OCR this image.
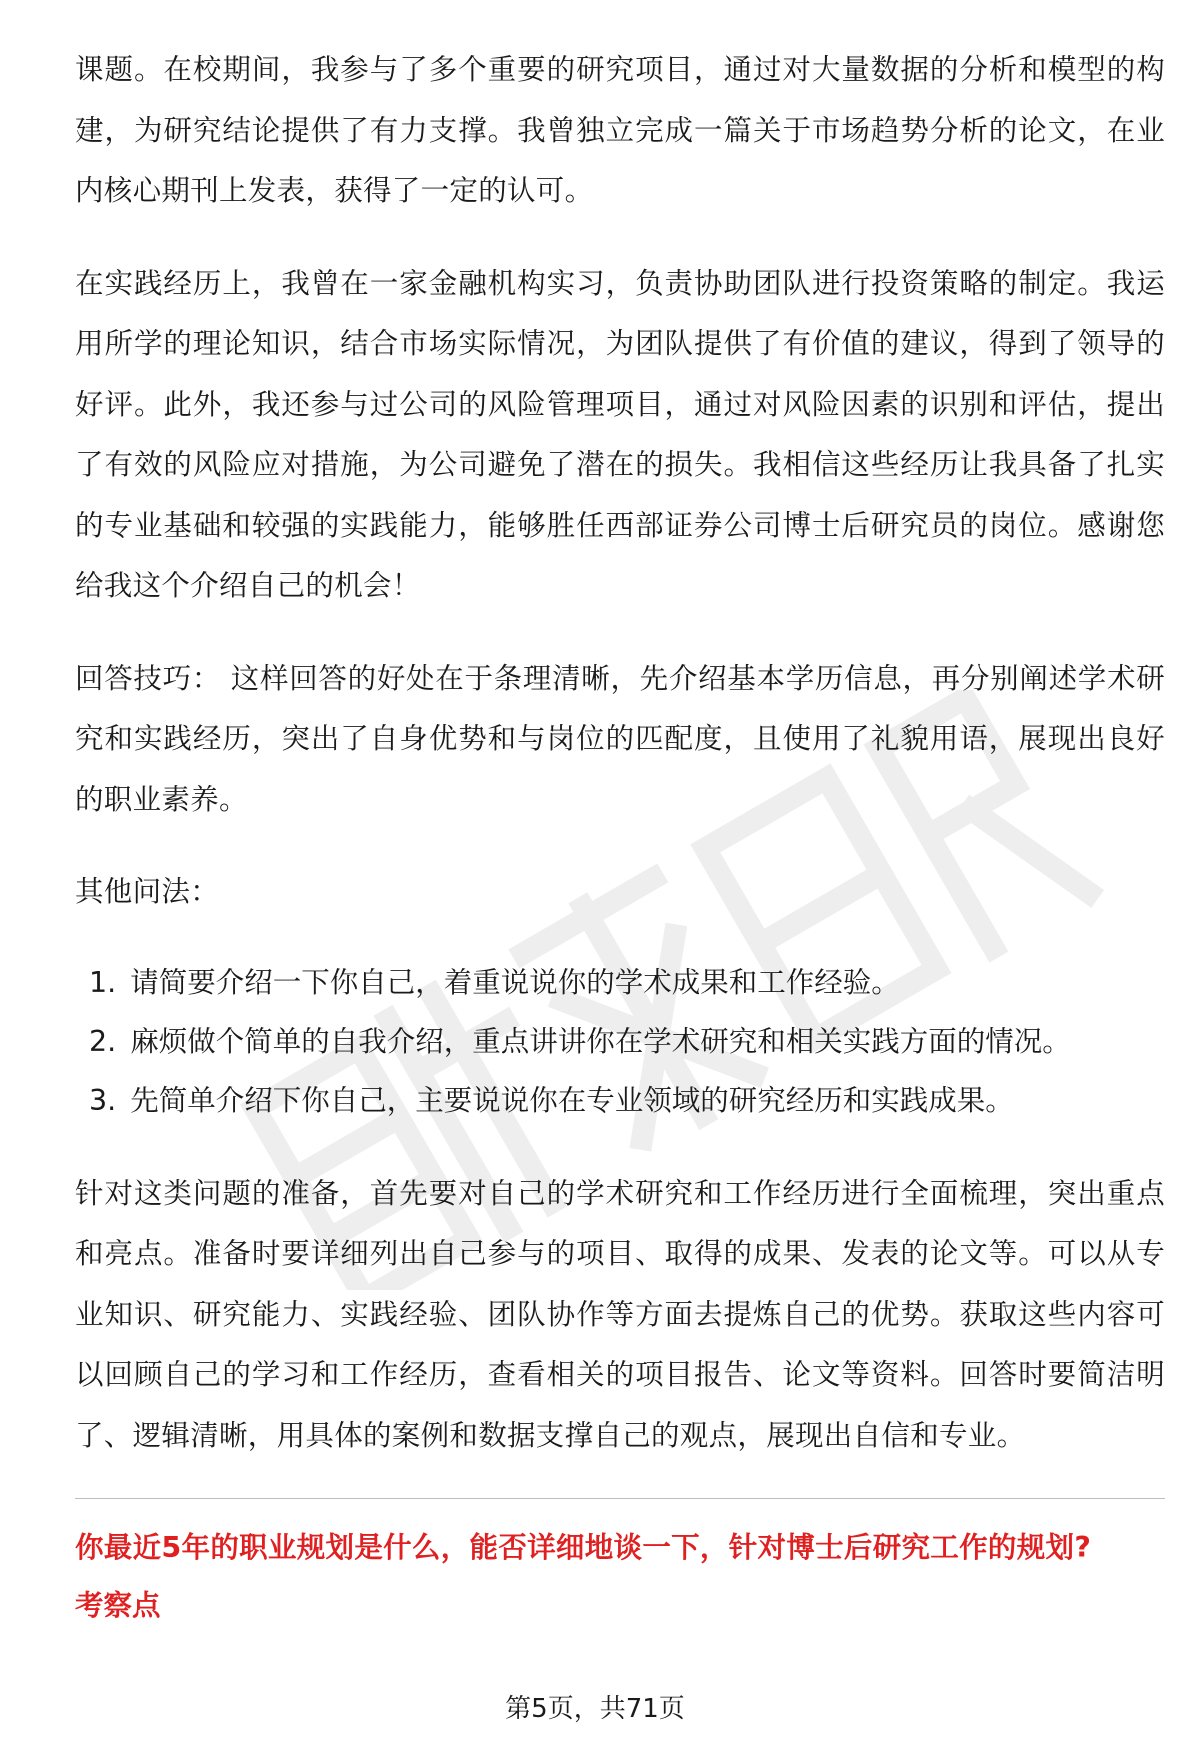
课题。在校期间，我参与了多个重要的研究项目，通过对大量数据的分析和模型的构建，为研究结论提供了有力支撑。我曾独立完成一篇关于市场趋势分析的论文，在业内核心期刊上发表，获得了一定的认可。

在实践经历上，我曾在一家金融机构实习，负责协助团队进行投资策略的制定。我运用所学的理论知识，结合市场实际情况，为团队提供了有价值的建议，得到了领导的好评。此外，我还参与过公司的风险管理项目，通过对风险因素的识别和评估，提出了有效的风险应对措施，为公司避免了潜在的损失。我相信这些经历让我具备了扎实的专业基础和较强的实践能力，能够胜任西部证券公司博士后研究员的岗位。感谢您给我这个介绍自己的机会！

回答技巧： 这样回答的好处在于条理清晰，先介绍基本学历信息，再分别阐述学术研究和实践经历，突出了自身优势和与岗位的匹配度，且使用了礼貌用语，展现出良好的职业素养。

其他问法：

1. 请简要介绍一下你自己，着重说说你的学术成果和工作经验。
2. 麻烦做个简单的自我介绍，重点讲讲你在学术研究和相关实践方面的情况。
3. 先简单介绍下你自己，主要说说你在专业领域的研究经历和实践成果。

针对这类问题的准备，首先要对自己的学术研究和工作经历进行全面梳理，突出重点和亮点。准备时要详细列出自己参与的项目、取得的成果、发表的论文等。可以从专业知识、研究能力、实践经验、团队协作等方面去提炼自己的优势。获取这些内容可以回顾自己的学习和工作经历，查看相关的项目报告、论文等资料。回答时要简洁明了、逻辑清晰，用具体的案例和数据支撑自己的观点，展现出自信和专业。

你最近5年的职业规划是什么，能否详细地谈一下，针对博士后研究工作的规划?

考察点

第5页，共71页
